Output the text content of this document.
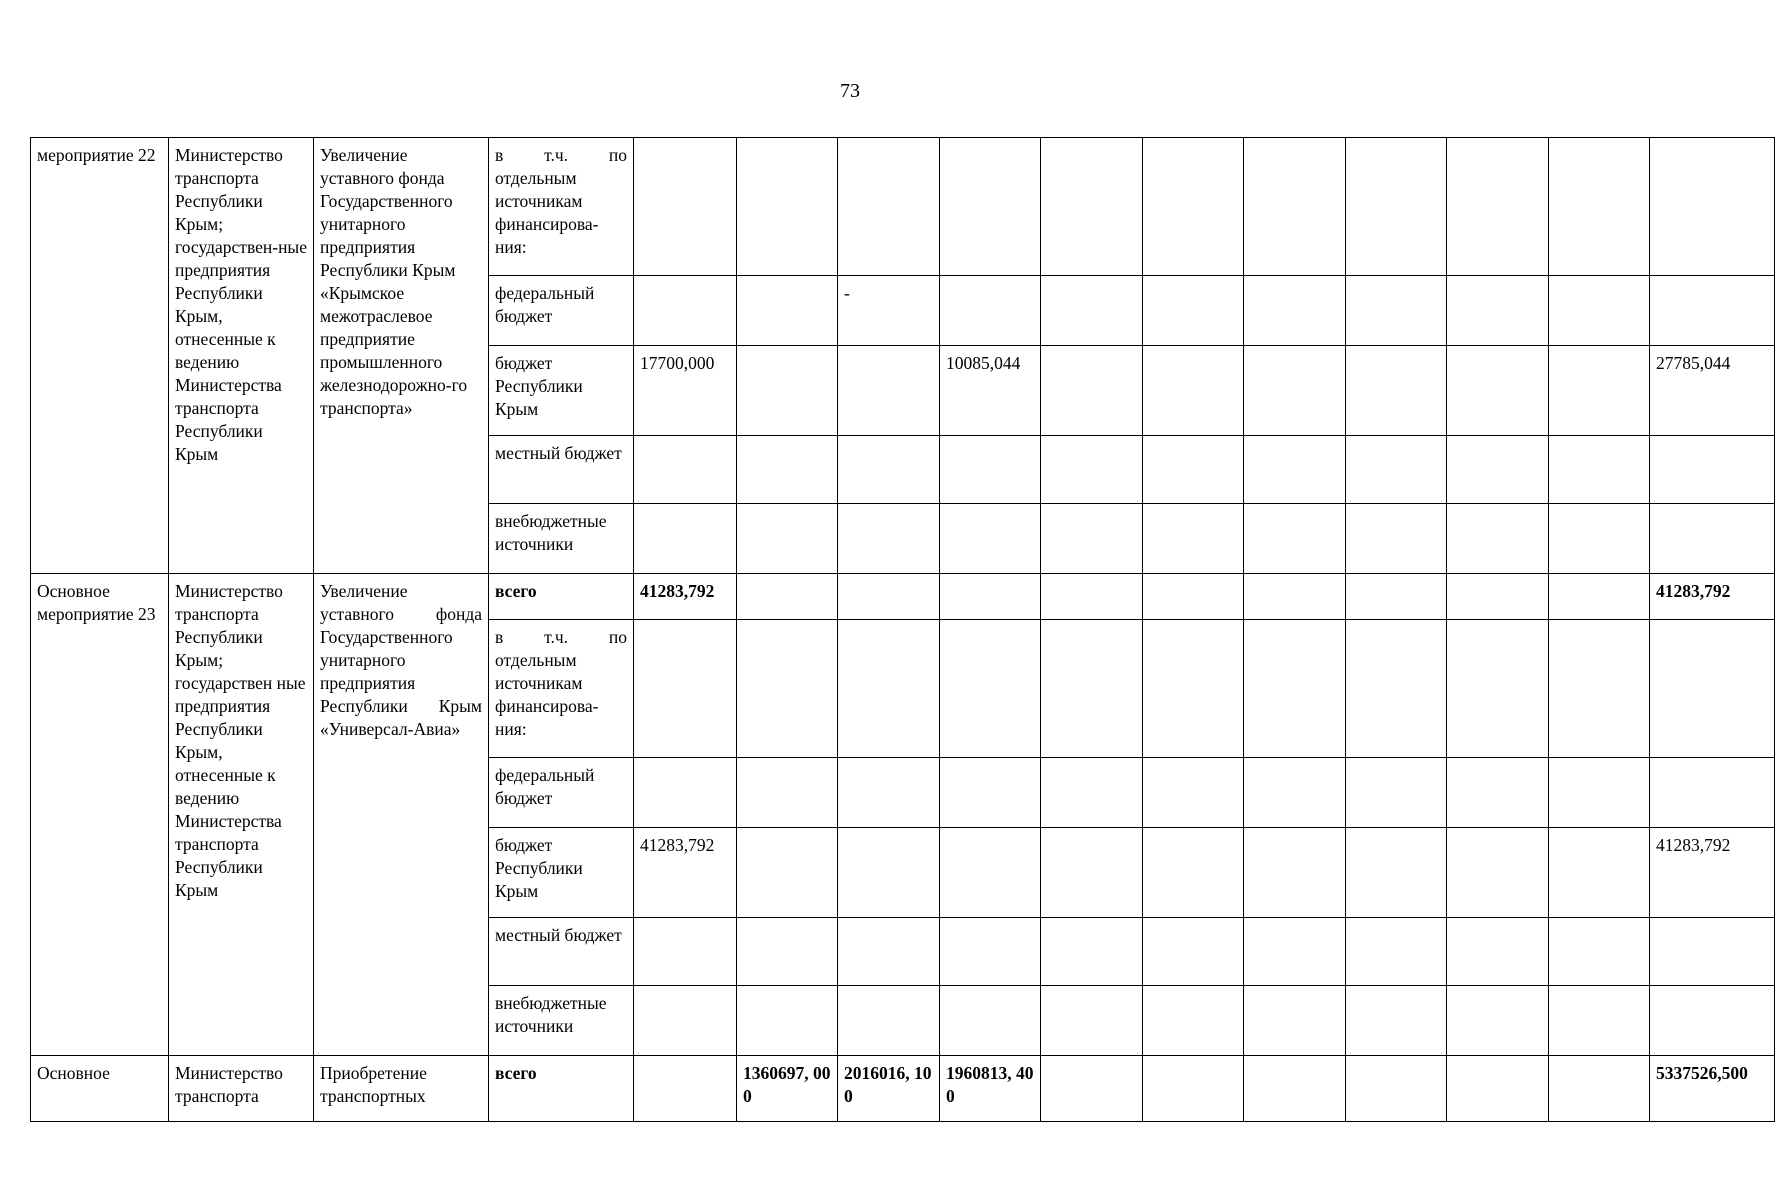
73
мероприятие 22	Министерство транспорта Республики Крым; государствен-ные предприятия Республики Крым, отнесенные к ведению Министерства транспорта Республики Крым	Увеличение уставного фонда Государственного унитарного предприятия Республики Крым «Крымское межотраслевое предприятие промышленного железнодорожно-го транспорта»	в т.ч. по отдельным источникам финансирова-ния:											
			федеральный бюджет			-								
			бюджет Республики Крым	17700,000			10085,044							27785,044
			местный бюджет											
			внебюджетные источники											
Основное мероприятие 23	Министерство транспорта Республики Крым; государствен ные предприятия Республики Крым, отнесенные к ведению Министерства транспорта Республики Крым	Увеличение уставного фонда Государственного унитарного предприятия Республики Крым «Универсал-Авиа»	всего	41283,792										41283,792
			в т.ч. по отдельным источникам финансирова-ния:											
			федеральный бюджет											
			бюджет Республики Крым	41283,792										41283,792
			местный бюджет											
			внебюджетные источники											
Основное	Министерство транспорта	Приобретение транспортных	всего		1360697, 000	2016016, 100	1960813, 400							5337526,500
